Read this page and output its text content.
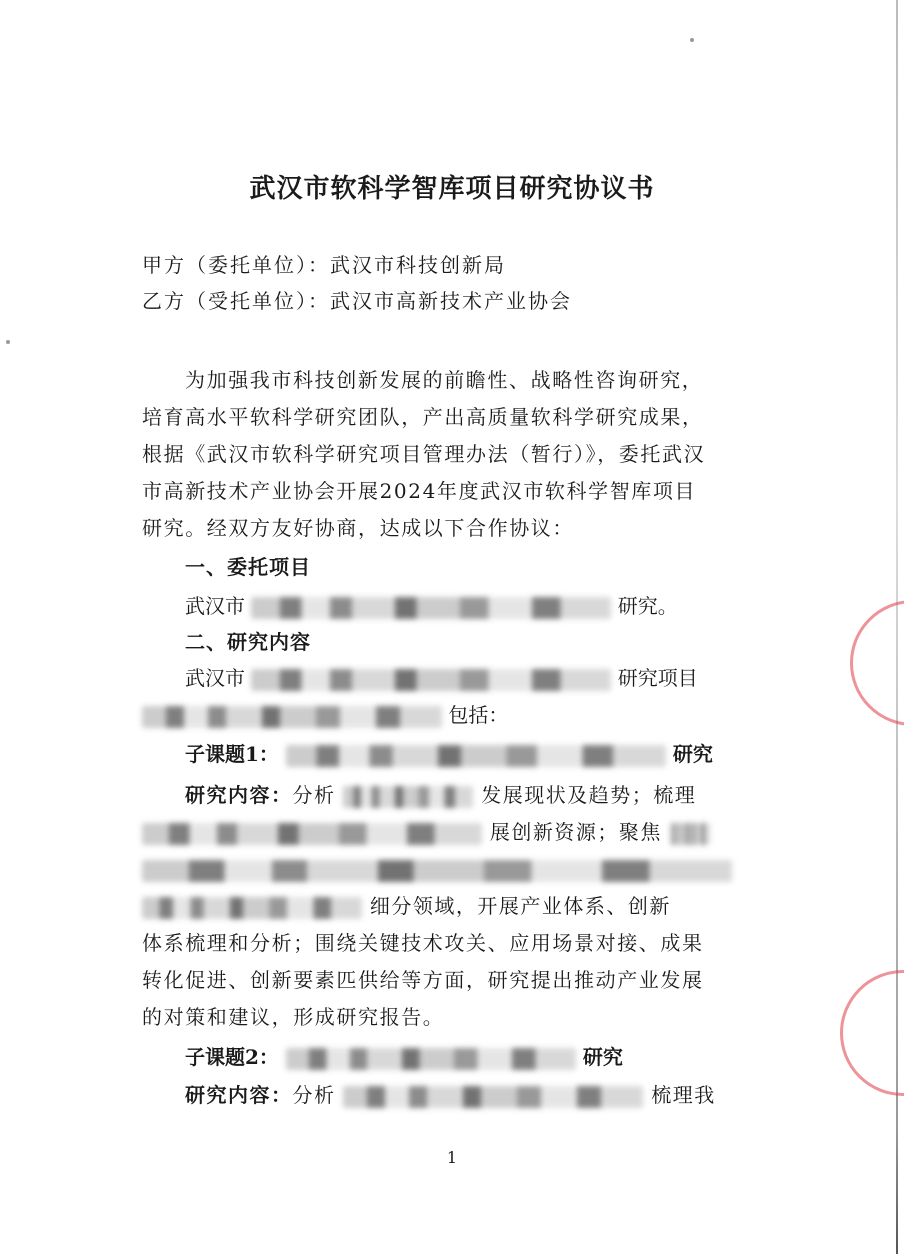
武汉市软科学智库项目研究协议书
甲方（委托单位）：武汉市科技创新局
乙方（受托单位）：武汉市高新技术产业协会
为加强我市科技创新发展的前瞻性、战略性咨询研究，
培育高水平软科学研究团队，产出高质量软科学研究成果，
根据《武汉市软科学研究项目管理办法（暂行）》，委托武汉
市高新技术产业协会开展2024年度武汉市软科学智库项目
研究。经双方友好协商，达成以下合作协议：
一、委托项目
武汉市	研究。
二、研究内容
武汉市	研究项目
包括：
子课题1：	研究
研究内容：分析	发展现状及趋势；梳理
展创新资源；聚焦
细分领域，开展产业体系、创新
体系梳理和分析；围绕关键技术攻关、应用场景对接、成果
转化促进、创新要素匹供给等方面，研究提出推动产业发展
的对策和建议，形成研究报告。
子课题2：	研究
研究内容：分析	梳理我
1
